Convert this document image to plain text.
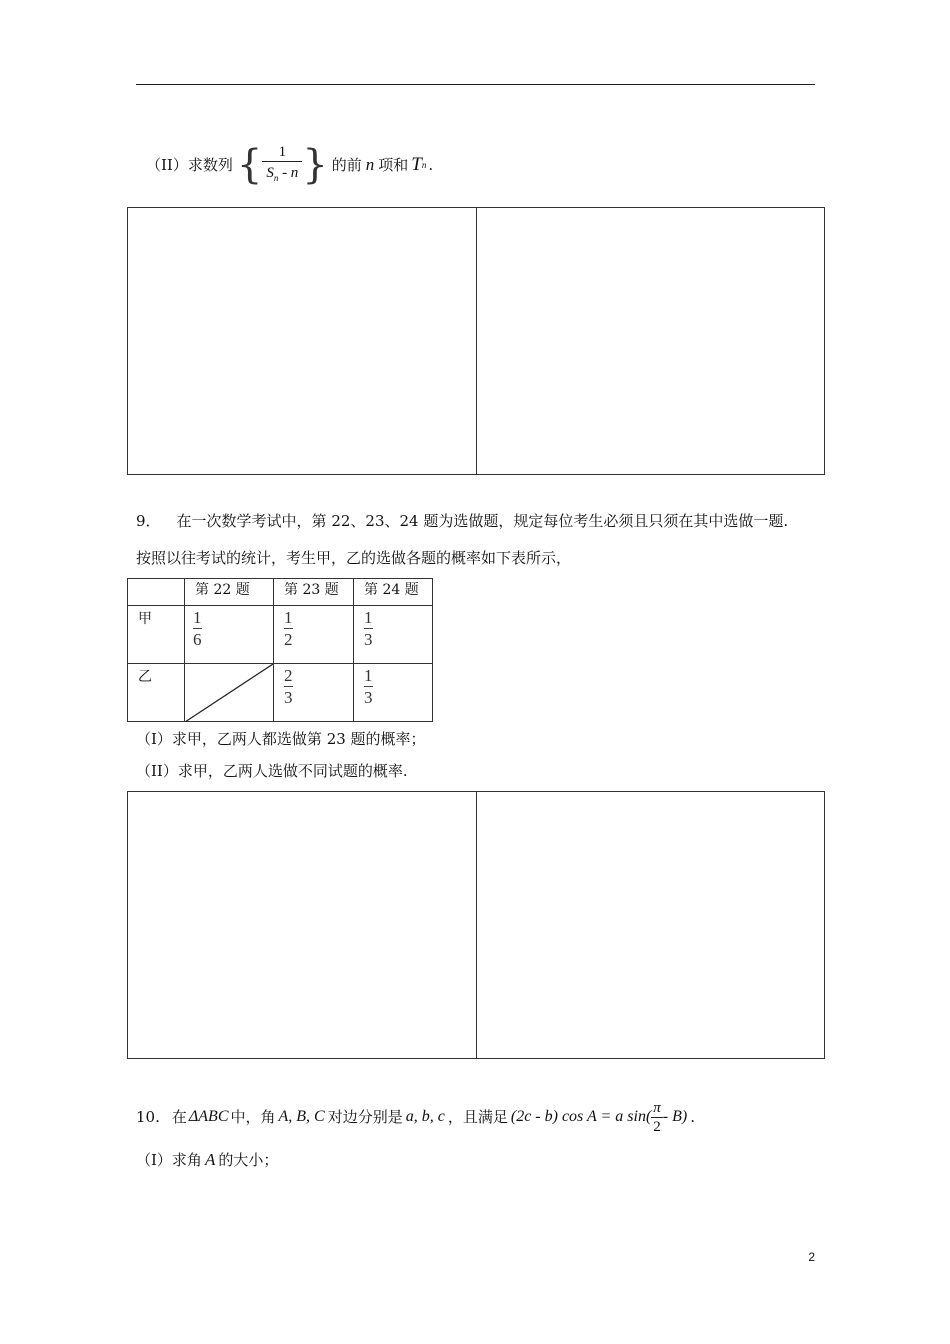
（II）求数列 { $\frac{1}{S_n - n}$ } 的前 n 项和 T n .
9． 在一次数学考试中，第 22、23、24 题为选做题，规定每位考生必须且只须在其中选做一题.
按照以往考试的统计，考生甲，乙的选做各题的概率如下表所示，
	第 22 题	第 23 题	第 24 题
甲	$\frac{1}{6}$	$\frac{1}{2}$	$\frac{1}{3}$

乙		$\frac{2}{3}$	$\frac{1}{3}$
（I）求甲，乙两人都选做第 23 题的概率；
（II）求甲，乙两人选做不同试题的概率.
10. 在 ΔABC 中，角 A, B, C 对边分别是 a, b, c ，且满足 (2c - b) cos A = a $\sin( \frac{\pi}{2} - B)$ .
（I）求角 A 的大小；
2
